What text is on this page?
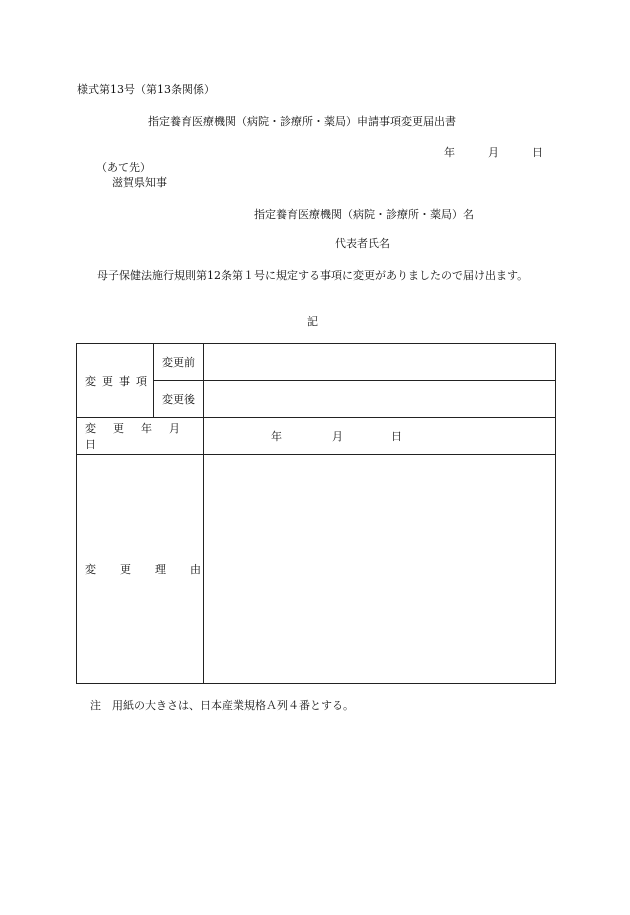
様式第13号（第13条関係）
指定養育医療機関（病院・診療所・薬局）申請事項変更届出書
年	月	日
（あて先）
滋賀県知事
指定養育医療機関（病院・診療所・薬局）名
代表者氏名
母子保健法施行規則第12条第１号に規定する事項に変更がありましたので届け出ます。
記
変更事項	変更前	
	変更後	
変 更 年 月日		年 月 日
変 更 理 由		
注　用紙の大きさは、日本産業規格Ａ列４番とする。
